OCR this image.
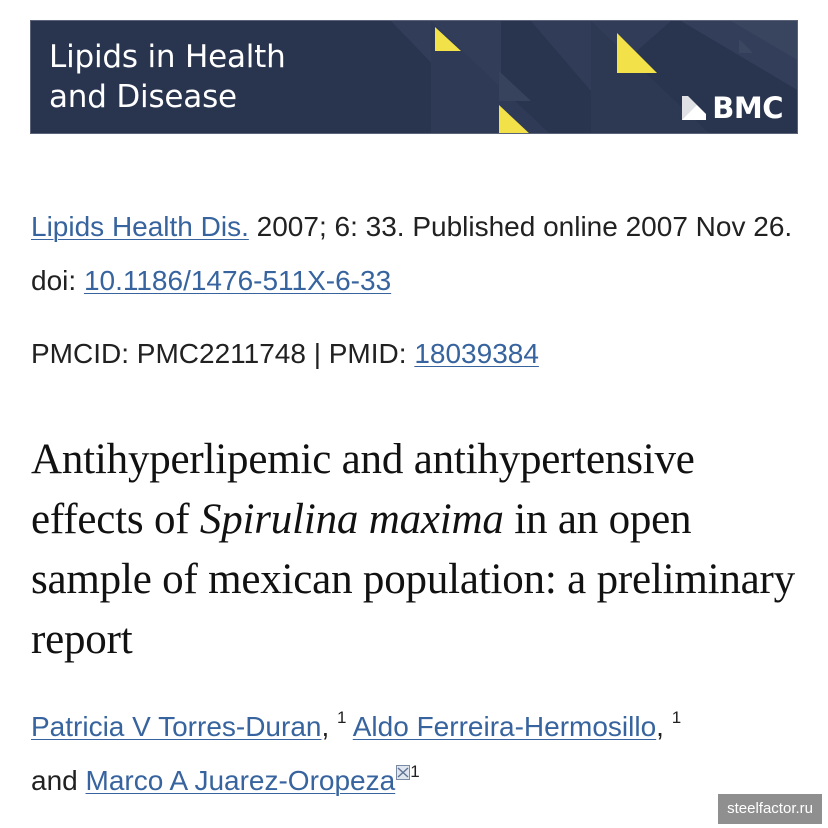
Lipids in Health
and Disease	BMC
Lipids Health Dis. 2007; 6: 33. Published online 2007 Nov 26. doi: 10.1186/1476-511X-6-33
PMCID: PMC2211748 | PMID: 18039384
Antihyperlipemic and antihypertensive effects of Spirulina maxima in an open sample of mexican population: a preliminary report
Patricia V Torres-Duran, $^1$ Aldo Ferreira-Hermosillo, $^1$
and Marco A Juarez-Oropeza $^1$
steelfactor.ru
